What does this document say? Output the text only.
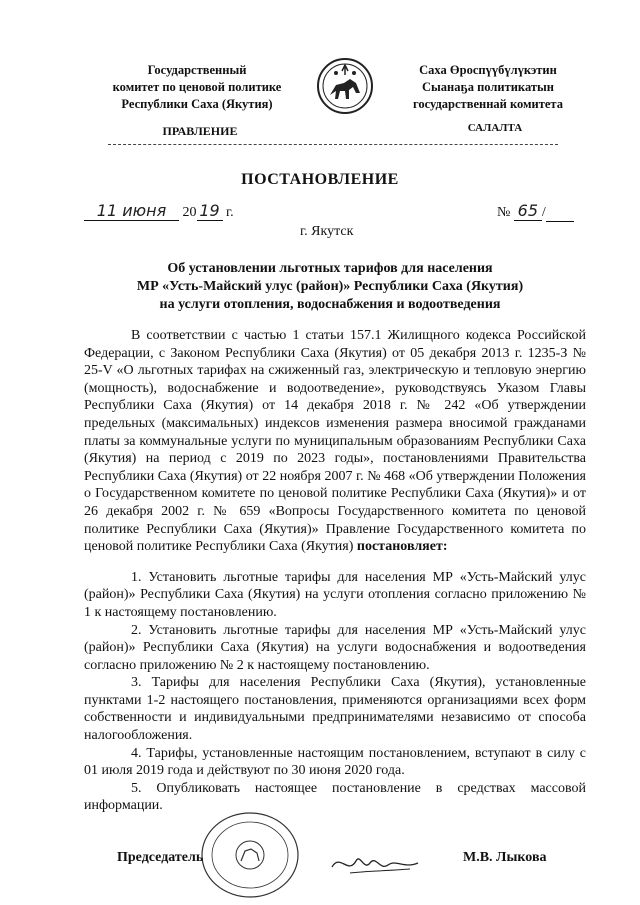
Государственный
комитет по ценовой политике
Республики Саха (Якутия)
Саха Өроспүүбүлүкэтин
Сыанаҕа политикатын
государственнай комитета
ПРАВЛЕНИЕ	САЛАЛТА
ПОСТАНОВЛЕНИЕ
11 июня 20 19 г.	№ 65 /
г. Якутск
Об установлении льготных тарифов для населения
МР «Усть-Майский улус (район)» Республики Саха (Якутия)
на услуги отопления, водоснабжения и водоотведения

В соответствии с частью 1 статьи 157.1 Жилищного кодекса Российской Федерации, с Законом Республики Саха (Якутия) от 05 декабря 2013 г. 1235-З № 25-V «О льготных тарифах на сжиженный газ, электрическую и тепловую энергию (мощность), водоснабжение и водоотведение», руководствуясь Указом Главы Республики Саха (Якутия) от 14 декабря 2018 г. № 242 «Об утверждении предельных (максимальных) индексов изменения размера вносимой гражданами платы за коммунальные услуги по муниципальным образованиям Республики Саха (Якутия) на период с 2019 по 2023 годы», постановлениями Правительства Республики Саха (Якутия) от 22 ноября 2007 г. № 468 «Об утверждении Положения о Государственном комитете по ценовой политике Республики Саха (Якутия)» и от 26 декабря 2002 г. № 659 «Вопросы Государственного комитета по ценовой политике Республики Саха (Якутия)» Правление Государственного комитета по ценовой политике Республики Саха (Якутия) постановляет:

1. Установить льготные тарифы для населения МР «Усть-Майский улус (район)» Республики Саха (Якутия) на услуги отопления согласно приложению № 1 к настоящему постановлению.

2. Установить льготные тарифы для населения МР «Усть-Майский улус (район)» Республики Саха (Якутия) на услуги водоснабжения и водоотведения согласно приложению № 2 к настоящему постановлению.

3. Тарифы для населения Республики Саха (Якутия), установленные пунктами 1-2 настоящего постановления, применяются организациями всех форм собственности и индивидуальными предпринимателями независимо от способа налогообложения.

4. Тарифы, установленные настоящим постановлением, вступают в силу с 01 июля 2019 года и действуют по 30 июня 2020 года.

5. Опубликовать настоящее постановление в средствах массовой информации.

Председатель	М.В. Лыкова
